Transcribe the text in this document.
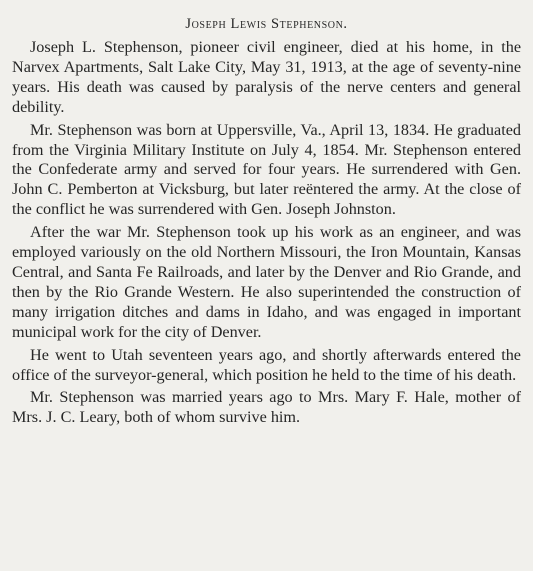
Joseph Lewis Stephenson.

Joseph L. Stephenson, pioneer civil engineer, died at his home, in the Narvex Apartments, Salt Lake City, May 31, 1913, at the age of seventy-nine years. His death was caused by paralysis of the nerve centers and general debility.

Mr. Stephenson was born at Uppersville, Va., April 13, 1834. He graduated from the Virginia Military Institute on July 4, 1854. Mr. Stephenson entered the Confederate army and served for four years. He surrendered with Gen. John C. Pemberton at Vicksburg, but later reëntered the army. At the close of the conflict he was surrendered with Gen. Joseph Johnston.

After the war Mr. Stephenson took up his work as an engineer, and was employed variously on the old Northern Missouri, the Iron Mountain, Kansas Central, and Santa Fe Railroads, and later by the Denver and Rio Grande, and then by the Rio Grande Western. He also superintended the construction of many irrigation ditches and dams in Idaho, and was engaged in important municipal work for the city of Denver.

He went to Utah seventeen years ago, and shortly afterwards entered the office of the surveyor-general, which position he held to the time of his death.

Mr. Stephenson was married years ago to Mrs. Mary F. Hale, mother of Mrs. J. C. Leary, both of whom survive him.
